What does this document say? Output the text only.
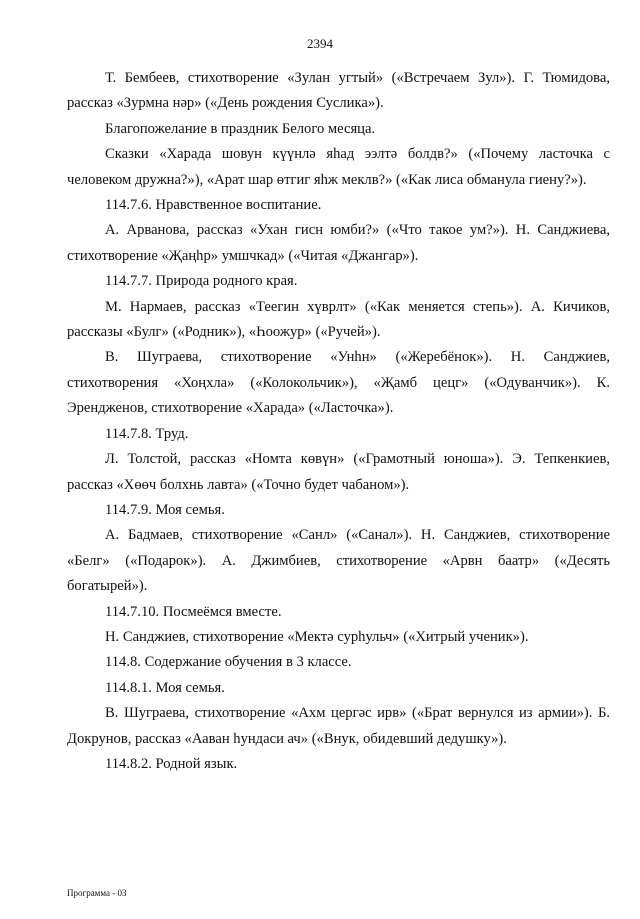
2394

Т. Бембеев, стихотворение «Зулан угтый» («Встречаем Зул»). Г. Тюмидова, рассказ «Зурмна нәр» («День рождения Суслика»).

Благопожелание в праздник Белого месяца.

Сказки «Харада шовун күүнлә яһад ээлтә болдв?» («Почему ласточка с человеком дружна?»), «Арат шар өтгиг яһж меклв?» («Как лиса обманула гиену?»).

114.7.6. Нравственное воспитание.

А. Арванова, рассказ «Ухан гисн юмби?» («Что такое ум?»). Н. Санджиева, стихотворение «Җаңһр» умшчкад» («Читая «Джангар»).

114.7.7. Природа родного края.

М. Нармаев, рассказ «Теегин хүврлт» («Как меняется степь»). А. Кичиков, рассказы «Булг» («Родник»), «Һоожур» («Ручей»).

В. Шуграева, стихотворение «Унһн» («Жеребёнок»). Н. Санджиев, стихотворения «Хоңхла» («Колокольчик»), «Җамб цецг» («Одуванчик»). К. Эрендженов, стихотворение «Харада» («Ласточка»).

114.7.8. Труд.

Л. Толстой, рассказ «Номта көвүн» («Грамотный юноша»). Э. Тепкенкиев, рассказ «Хөөч болхнь лавта» («Точно будет чабаном»).

114.7.9. Моя семья.

А. Бадмаев, стихотворение «Санл» («Санал»). Н. Санджиев, стихотворение «Белг» («Подарок»). А. Джимбиев, стихотворение «Арвн баатр» («Десять богатырей»).

114.7.10. Посмеёмся вместе.

Н. Санджиев, стихотворение «Мектә сурһульч» («Хитрый ученик»).

114.8. Содержание обучения в 3 классе.

114.8.1. Моя семья.

В. Шуграева, стихотворение «Ахм цергәс ирв» («Брат вернулся из армии»). Б. Докрунов, рассказ «Ааван һундаси ач» («Внук, обидевший дедушку»).

114.8.2. Родной язык.

Программа - 03
